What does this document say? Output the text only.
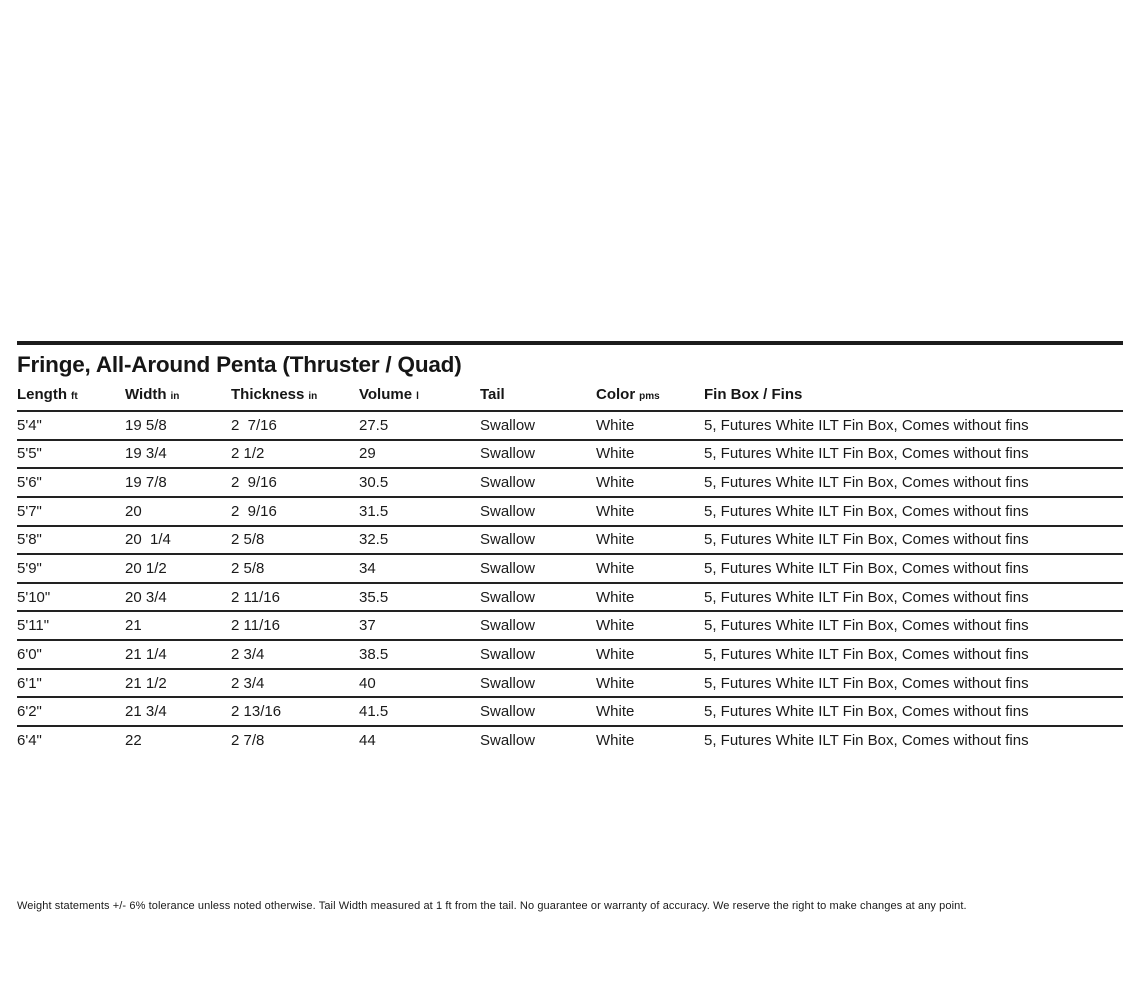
Fringe, All-Around Penta (Thruster / Quad)
Length ft	Width in	Thickness in	Volume l	Tail	Color pms	Fin Box / Fins
5'4"	19 5/8	2  7/16	27.5	Swallow	White	5, Futures White ILT Fin Box, Comes without fins
5'5"	19 3/4	2 1/2	29	Swallow	White	5, Futures White ILT Fin Box, Comes without fins
5'6"	19 7/8	2  9/16	30.5	Swallow	White	5, Futures White ILT Fin Box, Comes without fins
5'7"	20	2  9/16	31.5	Swallow	White	5, Futures White ILT Fin Box, Comes without fins
5'8"	20  1/4	2 5/8	32.5	Swallow	White	5, Futures White ILT Fin Box, Comes without fins
5'9"	20 1/2	2 5/8	34	Swallow	White	5, Futures White ILT Fin Box, Comes without fins
5'10"	20 3/4	2 11/16	35.5	Swallow	White	5, Futures White ILT Fin Box, Comes without fins
5'11"	21	2 11/16	37	Swallow	White	5, Futures White ILT Fin Box, Comes without fins
6'0"	21 1/4	2 3/4	38.5	Swallow	White	5, Futures White ILT Fin Box, Comes without fins
6'1"	21 1/2	2 3/4	40	Swallow	White	5, Futures White ILT Fin Box, Comes without fins
6'2"	21 3/4	2 13/16	41.5	Swallow	White	5, Futures White ILT Fin Box, Comes without fins
6'4"	22	2 7/8	44	Swallow	White	5, Futures White ILT Fin Box, Comes without fins
Weight statements +/- 6% tolerance unless noted otherwise. Tail Width measured at 1 ft from the tail. No guarantee or warranty of accuracy. We reserve the right to make changes at any point.
